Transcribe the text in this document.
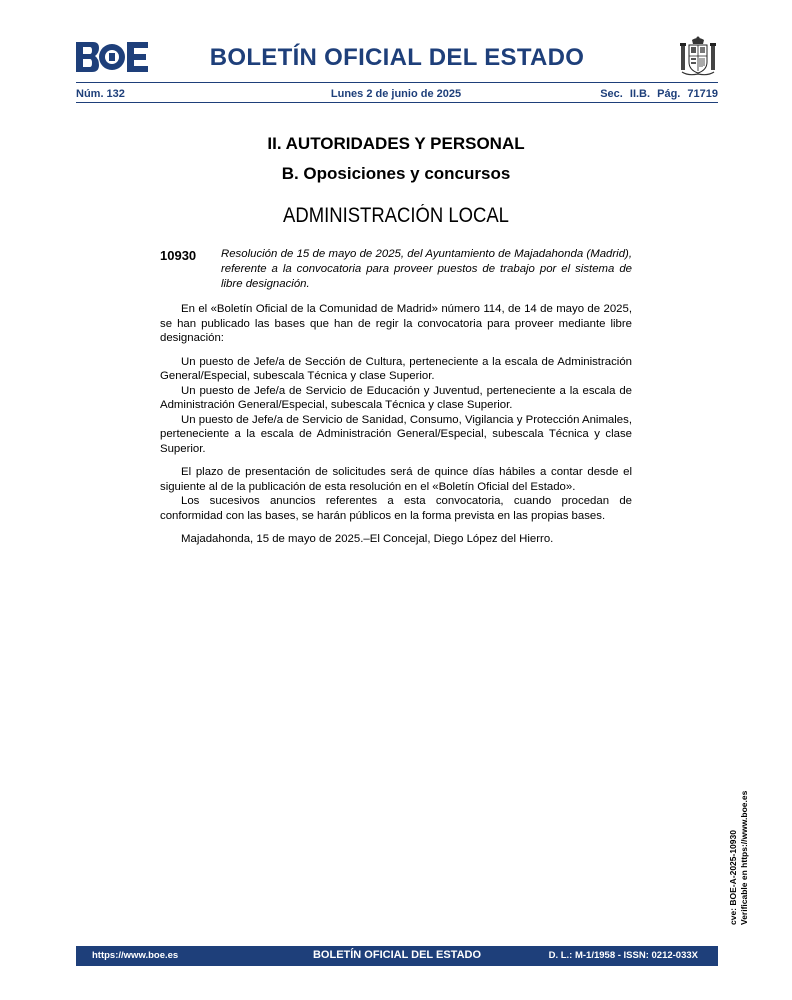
BOLETÍN OFICIAL DEL ESTADO
Núm. 132	Lunes 2 de junio de 2025	Sec. II.B. Pág. 71719
II. AUTORIDADES Y PERSONAL
B. Oposiciones y concursos
ADMINISTRACIÓN LOCAL
10930 Resolución de 15 de mayo de 2025, del Ayuntamiento de Majadahonda (Madrid), referente a la convocatoria para proveer puestos de trabajo por el sistema de libre designación.

En el «Boletín Oficial de la Comunidad de Madrid» número 114, de 14 de mayo de 2025, se han publicado las bases que han de regir la convocatoria para proveer mediante libre designación:

Un puesto de Jefe/a de Sección de Cultura, perteneciente a la escala de Administración General/Especial, subescala Técnica y clase Superior.

Un puesto de Jefe/a de Servicio de Educación y Juventud, perteneciente a la escala de Administración General/Especial, subescala Técnica y clase Superior.

Un puesto de Jefe/a de Servicio de Sanidad, Consumo, Vigilancia y Protección Animales, perteneciente a la escala de Administración General/Especial, subescala Técnica y clase Superior.

El plazo de presentación de solicitudes será de quince días hábiles a contar desde el siguiente al de la publicación de esta resolución en el «Boletín Oficial del Estado».

Los sucesivos anuncios referentes a esta convocatoria, cuando procedan de conformidad con las bases, se harán públicos en la forma prevista en las propias bases.

Majadahonda, 15 de mayo de 2025.–El Concejal, Diego López del Hierro.

cve: BOE-A-2025-10930 Verificable en https://www.boe.es
https://www.boe.es	BOLETÍN OFICIAL DEL ESTADO	D. L.: M-1/1958 - ISSN: 0212-033X
